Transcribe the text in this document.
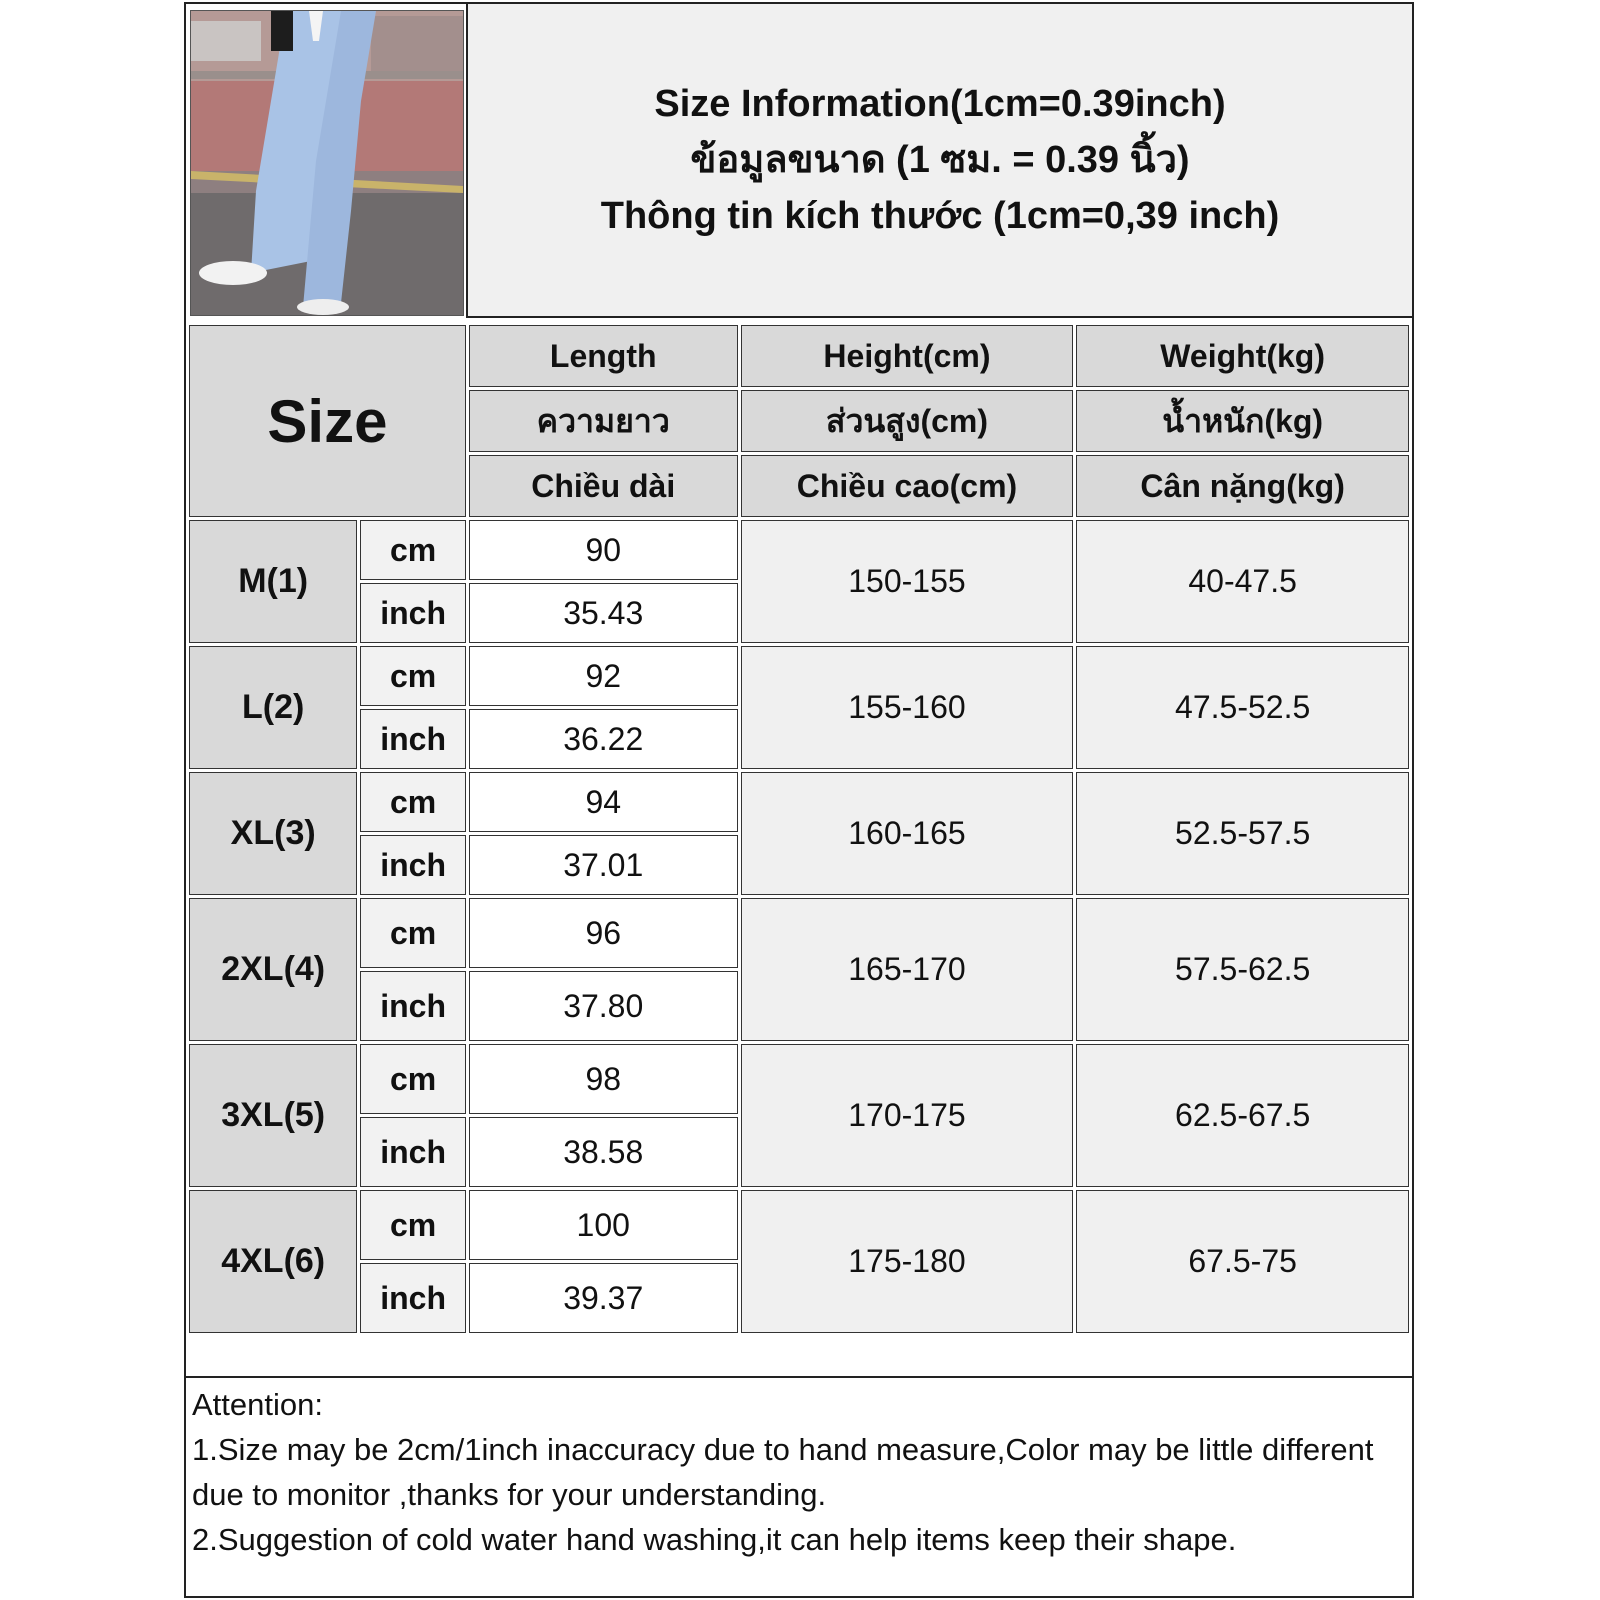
Size Information(1cm=0.39inch)
ข้อมูลขนาด (1 ซม. = 0.39 นิ้ว)
Thông tin kích thước (1cm=0,39 inch)
Size		Length	Height(cm)	Weight(kg)
		ความยาว	ส่วนสูง(cm)	น้ำหนัก(kg)
		Chiều dài	Chiều cao(cm)	Cân nặng(kg)
M(1)	cm	90	150-155	40-47.5
	inch	35.43		
L(2)	cm	92	155-160	47.5-52.5
	inch	36.22		
XL(3)	cm	94	160-165	52.5-57.5
	inch	37.01		
2XL(4)	cm	96	165-170	57.5-62.5
	inch	37.80		
3XL(5)	cm	98	170-175	62.5-67.5
	inch	38.58		
4XL(6)	cm	100	175-180	67.5-75
	inch	39.37		
Attention:
1.Size may be 2cm/1inch inaccuracy due to hand measure,Color may be little different due to monitor ,thanks for your understanding.
2.Suggestion of cold water hand washing,it can help items keep their shape.
